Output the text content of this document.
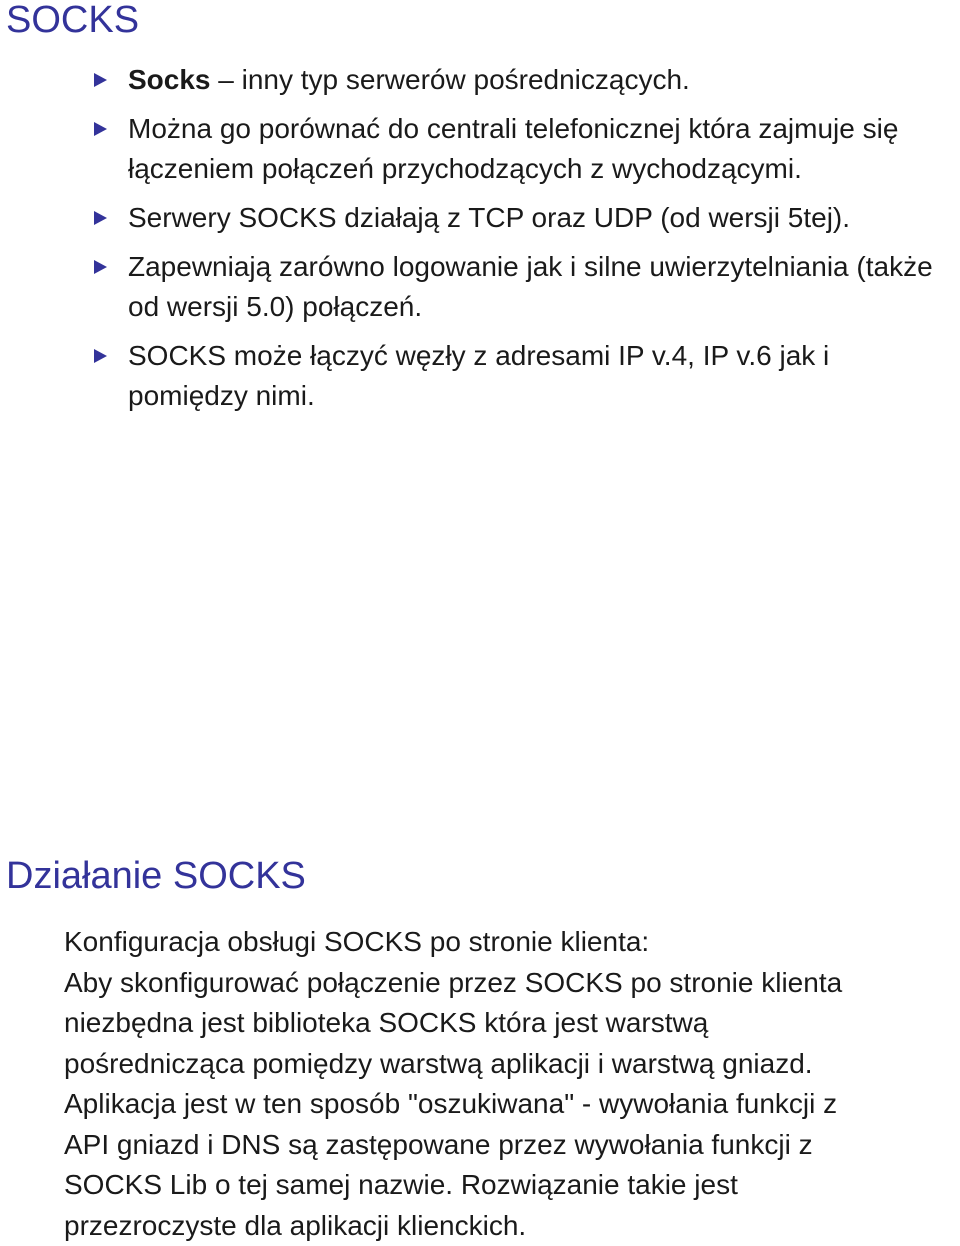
SOCKS
Socks – inny typ serwerów pośredniczących.
Można go porównać do centrali telefonicznej która zajmuje się łączeniem połączeń przychodzących z wychodzącymi.
Serwery SOCKS działają z TCP oraz UDP (od wersji 5tej).
Zapewniają zarówno logowanie jak i silne uwierzytelniania (także od wersji 5.0) połączeń.
SOCKS może łączyć węzły z adresami IP v.4, IP v.6 jak i pomiędzy nimi.
Działanie SOCKS
Konfiguracja obsługi SOCKS po stronie klienta:
Aby skonfigurować połączenie przez SOCKS po stronie klienta
niezbędna jest biblioteka SOCKS która jest warstwą
pośrednicząca pomiędzy warstwą aplikacji i warstwą gniazd.
Aplikacja jest w ten sposób "oszukiwana" - wywołania funkcji z
API gniazd i DNS są zastępowane przez wywołania funkcji z
SOCKS Lib o tej samej nazwie. Rozwiązanie takie jest
przezroczyste dla aplikacji klienckich.
